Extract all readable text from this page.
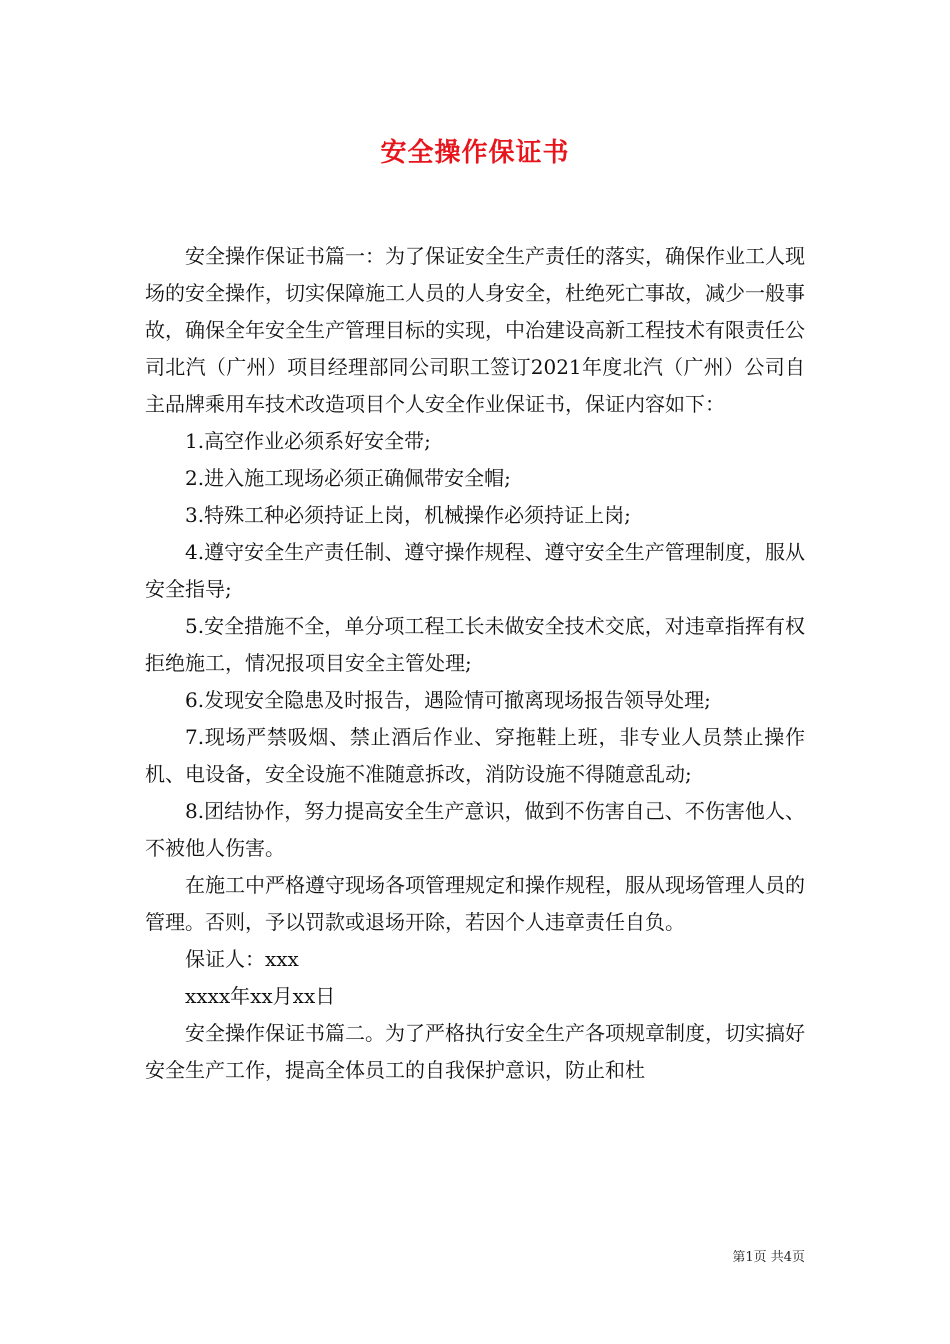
安全操作保证书

安全操作保证书篇一：为了保证安全生产责任的落实，确保作业工人现场的安全操作，切实保障施工人员的人身安全，杜绝死亡事故，减少一般事故，确保全年安全生产管理目标的实现，中冶建设高新工程技术有限责任公司北汽（广州）项目经理部同公司职工签订2021年度北汽（广州）公司自主品牌乘用车技术改造项目个人安全作业保证书，保证内容如下：

1.高空作业必须系好安全带;

2.进入施工现场必须正确佩带安全帽;

3.特殊工种必须持证上岗，机械操作必须持证上岗;

4.遵守安全生产责任制、遵守操作规程、遵守安全生产管理制度，服从安全指导;

5.安全措施不全，单分项工程工长未做安全技术交底，对违章指挥有权拒绝施工，情况报项目安全主管处理;

6.发现安全隐患及时报告，遇险情可撤离现场报告领导处理;

7.现场严禁吸烟、禁止酒后作业、穿拖鞋上班，非专业人员禁止操作机、电设备，安全设施不准随意拆改，消防设施不得随意乱动;

8.团结协作，努力提高安全生产意识，做到不伤害自己、不伤害他人、不被他人伤害。

在施工中严格遵守现场各项管理规定和操作规程，服从现场管理人员的管理。否则，予以罚款或退场开除，若因个人违章责任自负。

保证人：xxx

xxxx年xx月xx日

安全操作保证书篇二。为了严格执行安全生产各项规章制度，切实搞好安全生产工作，提高全体员工的自我保护意识，防止和杜

第1页 共4页
